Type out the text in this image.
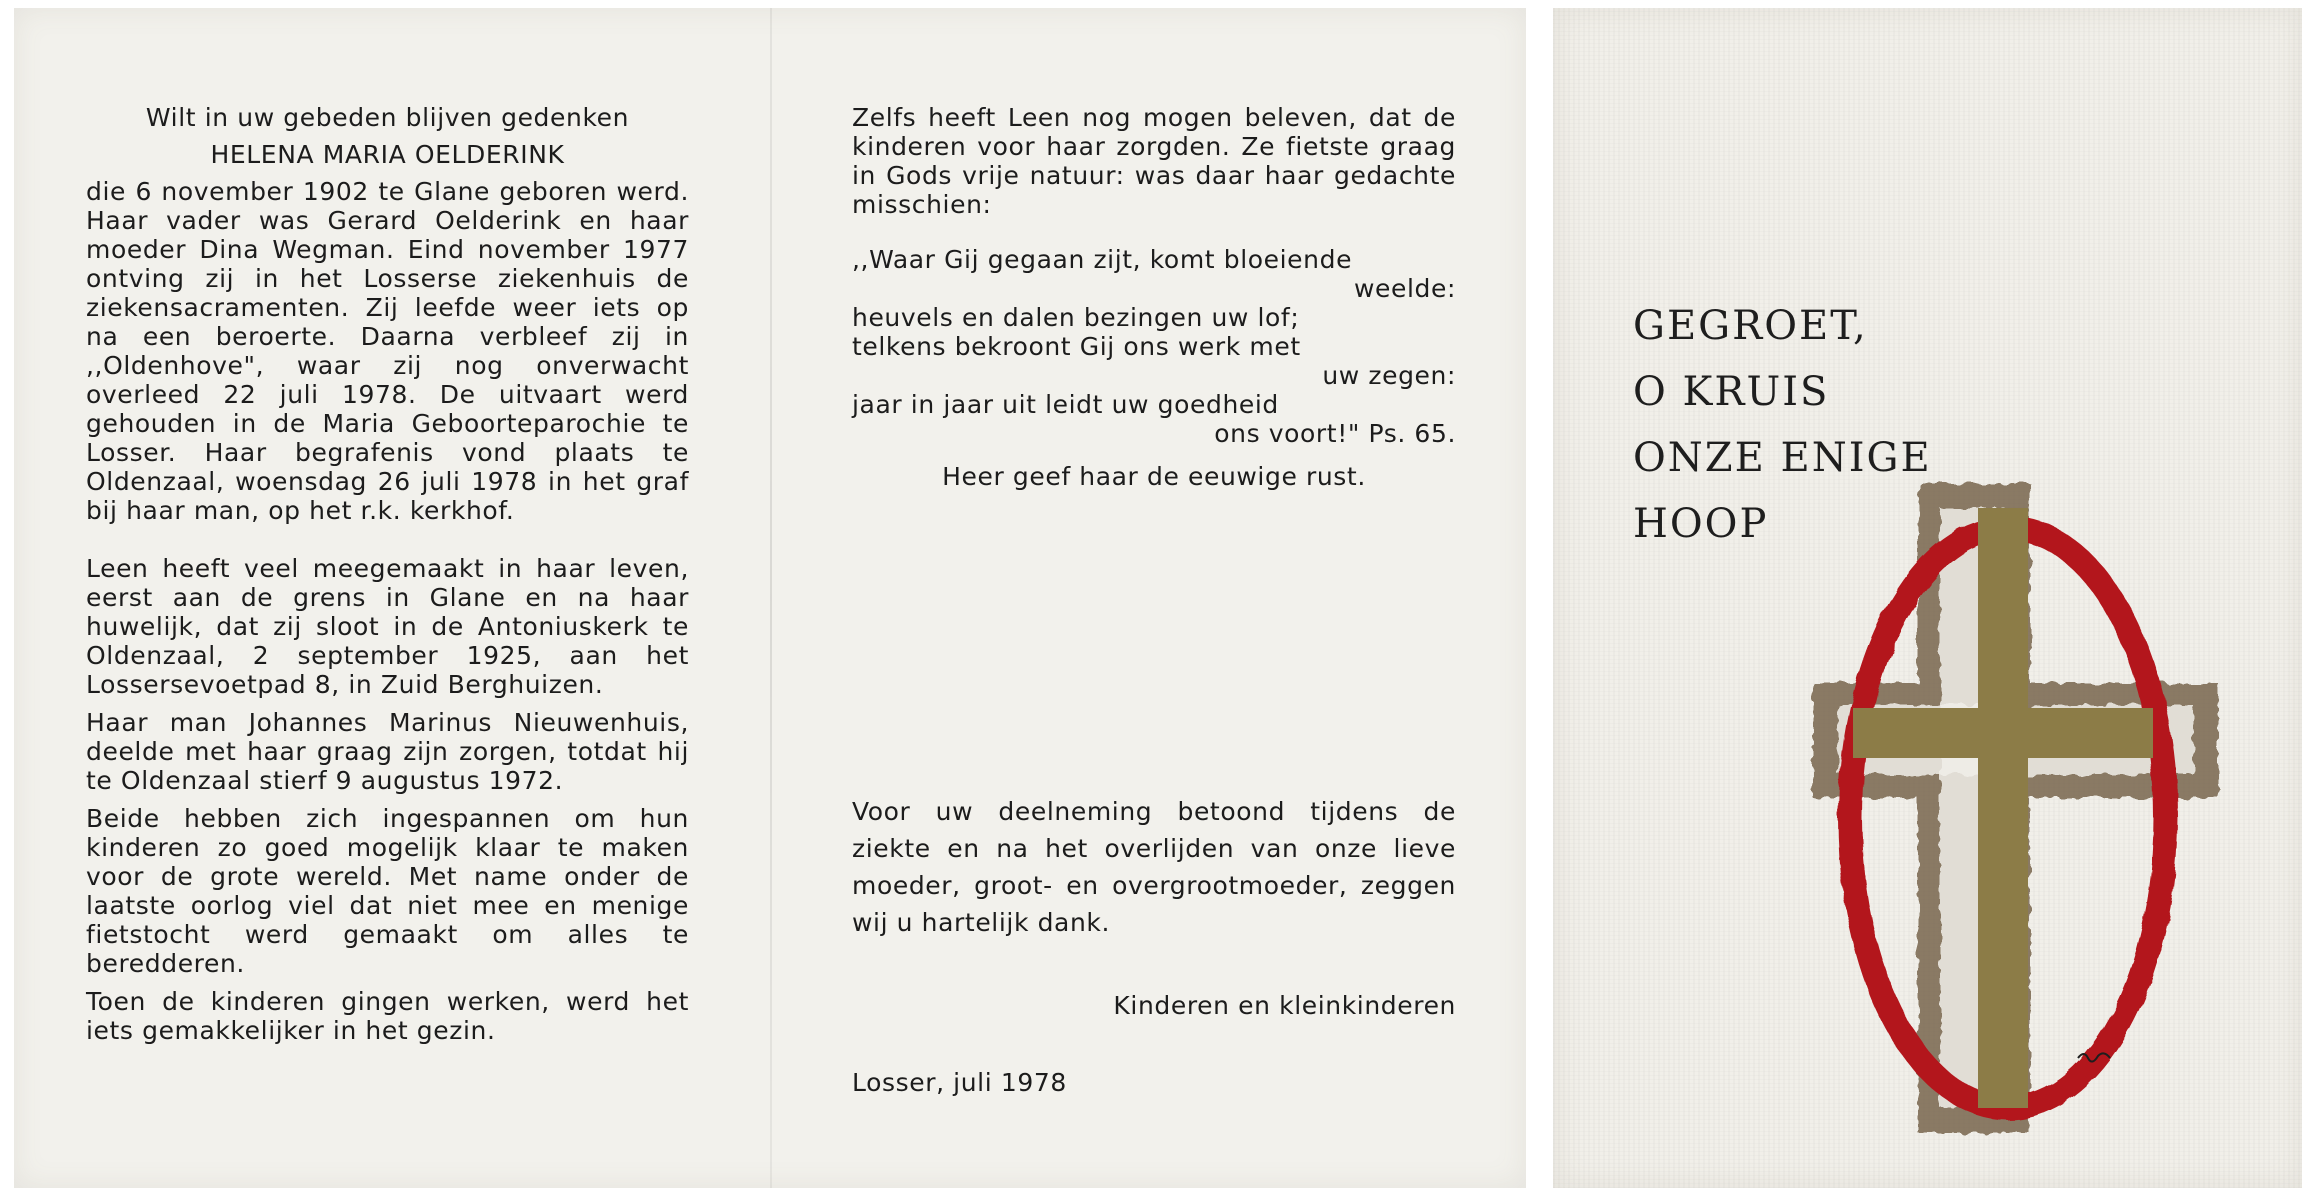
Wilt in uw gebeden blijven gedenken

HELENA MARIA OELDERINK

die 6 november 1902 te Glane geboren werd. Haar vader was Gerard Oelderink en haar moeder Dina Wegman. Eind november 1977 ontving zij in het Losserse ziekenhuis de ziekensacramenten. Zij leefde weer iets op na een beroerte. Daarna verbleef zij in ,,Oldenhove", waar zij nog onverwacht overleed 22 juli 1978. De uitvaart werd gehouden in de Maria Geboorteparochie te Losser. Haar begrafenis vond plaats te Oldenzaal, woensdag 26 juli 1978 in het graf bij haar man, op het r.k. kerkhof.

Leen heeft veel meegemaakt in haar leven, eerst aan de grens in Glane en na haar huwelijk, dat zij sloot in de Antoniuskerk te Oldenzaal, 2 september 1925, aan het Lossersevoetpad 8, in Zuid Berghuizen.

Haar man Johannes Marinus Nieuwenhuis, deelde met haar graag zijn zorgen, totdat hij te Oldenzaal stierf 9 augustus 1972.

Beide hebben zich ingespannen om hun kinderen zo goed mogelijk klaar te maken voor de grote wereld. Met name onder de laatste oorlog viel dat niet mee en menige fietstocht werd gemaakt om alles te beredderen.

Toen de kinderen gingen werken, werd het iets gemakkelijker in het gezin.

Zelfs heeft Leen nog mogen beleven, dat de kinderen voor haar zorgden. Ze fietste graag in Gods vrije natuur: was daar haar gedachte misschien:

,,Waar Gij gegaan zijt, komt bloeiende
weelde:
heuvels en dalen bezingen uw lof;
telkens bekroont Gij ons werk met
uw zegen:
jaar in jaar uit leidt uw goedheid
ons voort!" Ps. 65.

Heer geef haar de eeuwige rust.

Voor uw deelneming betoond tijdens de ziekte en na het overlijden van onze lieve moeder, groot- en overgrootmoeder, zeggen wij u hartelijk dank.

Kinderen en kleinkinderen

Losser, juli 1978

GEGROET,
O KRUIS
ONZE ENIGE
HOOP
